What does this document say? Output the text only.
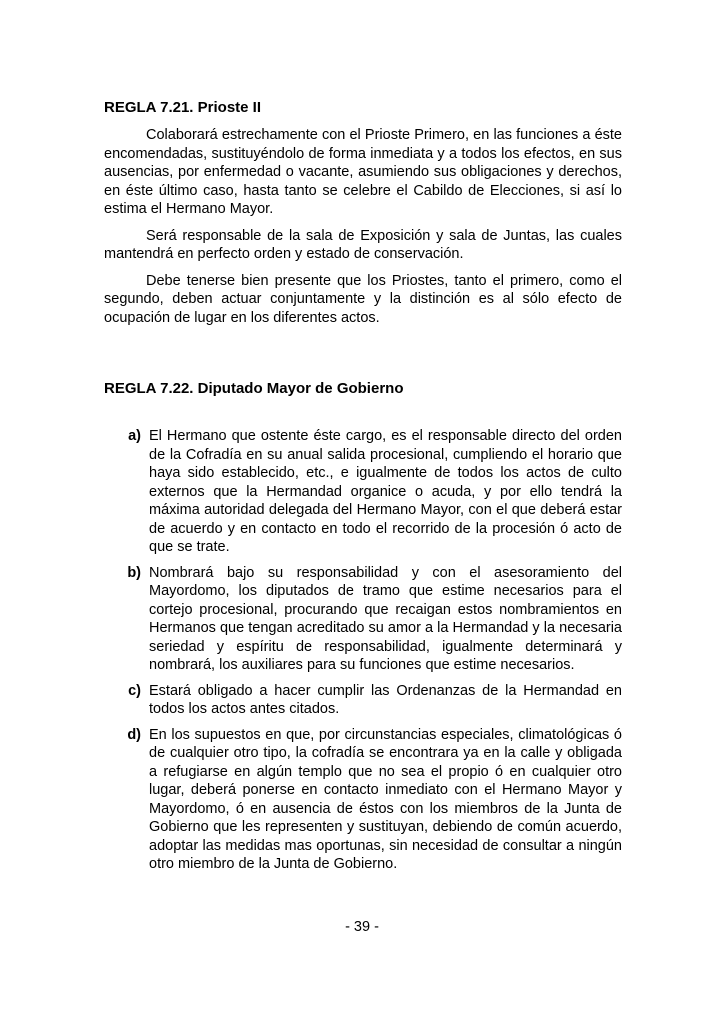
REGLA 7.21. Prioste II

Colaborará estrechamente con el Prioste Primero, en las funciones a éste encomendadas, sustituyéndolo de forma inmediata y a todos los efectos, en sus ausencias, por enfermedad o vacante, asumiendo sus obligaciones y derechos, en éste último caso, hasta tanto se celebre el Cabildo de Elecciones, si así lo estima el Hermano Mayor.

Será responsable de la sala de Exposición y sala de Juntas, las cuales mantendrá en perfecto orden y estado de conservación.

Debe tenerse bien presente que los Priostes, tanto el primero, como el segundo, deben actuar conjuntamente y la distinción es al sólo efecto de ocupación de lugar en los diferentes actos.

REGLA 7.22. Diputado Mayor de Gobierno
a) El Hermano que ostente éste cargo, es el responsable directo del orden de la Cofradía en su anual salida procesional, cumpliendo el horario que haya sido establecido, etc., e igualmente de todos los actos de culto externos que la Hermandad organice o acuda, y por ello tendrá la máxima autoridad delegada del Hermano Mayor, con el que deberá estar de acuerdo y en contacto en todo el recorrido de la procesión ó acto de que se trate.
b) Nombrará bajo su responsabilidad y con el asesoramiento del Mayordomo, los diputados de tramo que estime necesarios para el cortejo procesional, procurando que recaigan estos nombramientos en Hermanos que tengan acreditado su amor a la Hermandad y la necesaria seriedad y espíritu de responsabilidad, igualmente determinará y nombrará, los auxiliares para su funciones que estime necesarios.
c) Estará obligado a hacer cumplir las Ordenanzas de la Hermandad en todos los actos antes citados.
d) En los supuestos en que, por circunstancias especiales, climatológicas ó de cualquier otro tipo, la cofradía se encontrara ya en la calle y obligada a refugiarse en algún templo que no sea el propio ó en cualquier otro lugar, deberá ponerse en contacto inmediato con el Hermano Mayor y Mayordomo, ó en ausencia de éstos con los miembros de la Junta de Gobierno que les representen y sustituyan, debiendo de común acuerdo, adoptar las medidas mas oportunas, sin necesidad de consultar a ningún otro miembro de la Junta de Gobierno.
- 39 -
